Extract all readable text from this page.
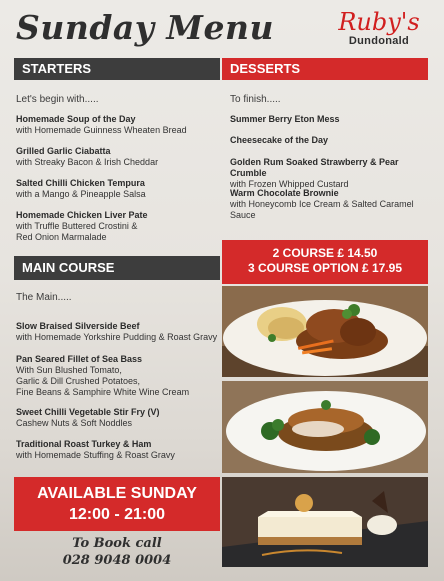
Sunday Menu	Ruby's
Dundonald
STARTERS	DESSERTS
Let's begin with.....
Homemade Soup of the Day
with Homemade Guinness Wheaten Bread
Grilled Garlic Ciabatta
with Streaky Bacon & Irish Cheddar
Salted Chilli Chicken Tempura
with a Mango & Pineapple Salsa
Homemade Chicken Liver Pate
with Truffle Buttered Crostini &
Red Onion Marmalade
To finish.....
Summer Berry Eton Mess
Cheesecake of the Day
Golden Rum Soaked Strawberry & Pear Crumble
with Frozen Whipped Custard
Warm Chocolate Brownie
with Honeycomb Ice Cream & Salted Caramel Sauce
2 COURSE £ 14.50
3 COURSE OPTION £ 17.95
MAIN COURSE
The Main.....
Slow Braised Silverside Beef
with Homemade Yorkshire Pudding & Roast Gravy
Pan Seared Fillet of Sea Bass
With Sun Blushed Tomato,
Garlic & Dill Crushed Potatoes,
Fine Beans & Samphire White Wine Cream
Sweet Chilli Vegetable Stir Fry (V)
Cashew Nuts & Soft Noddles
Traditional Roast Turkey & Ham
with Homemade Stuffing & Roast Gravy
AVAILABLE SUNDAY
12:00 - 21:00
To Book call
028 9048 0004
